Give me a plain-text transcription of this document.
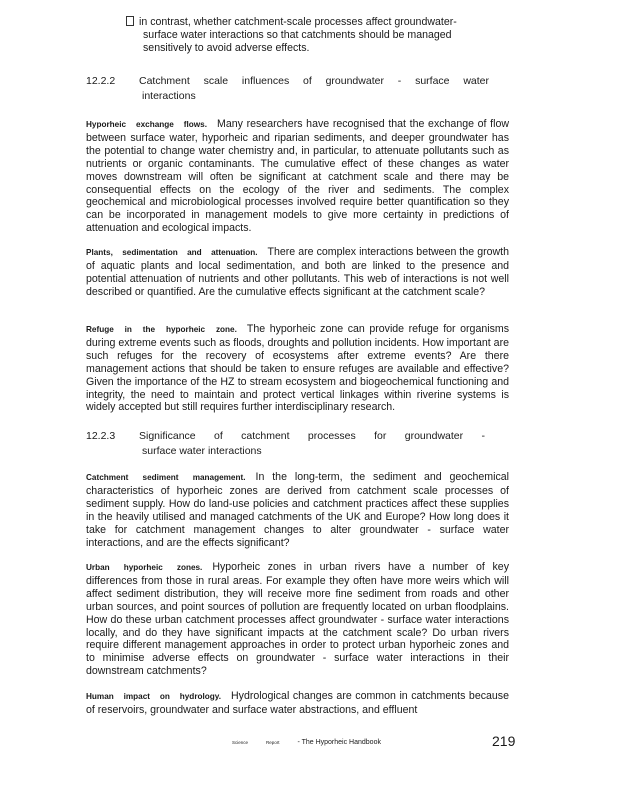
in contrast, whether catchment-scale processes affect groundwater-
surface water interactions so that catchments should be managed
sensitively to avoid adverse effects.
12.2.2 Catchment scale influences of groundwater - surface water
interactions
Hyporheic exchange flows. Many researchers have recognised that the exchange of flow between surface water, hyporheic and riparian sediments, and deeper groundwater has the potential to change water chemistry and, in particular, to attenuate pollutants such as nutrients or organic contaminants. The cumulative effect of these changes as water moves downstream will often be significant at catchment scale and there may be consequential effects on the ecology of the river and sediments. The complex geochemical and microbiological processes involved require better quantification so they can be incorporated in management models to give more certainty in predictions of attenuation and ecological impacts.
Plants, sedimentation and attenuation. There are complex interactions between the growth of aquatic plants and local sedimentation, and both are linked to the presence and potential attenuation of nutrients and other pollutants. This web of interactions is not well described or quantified. Are the cumulative effects significant at the catchment scale?
Refuge in the hyporheic zone. The hyporheic zone can provide refuge for organisms during extreme events such as floods, droughts and pollution incidents. How important are such refuges for the recovery of ecosystems after extreme events? Are there management actions that should be taken to ensure refuges are available and effective? Given the importance of the HZ to stream ecosystem and biogeochemical functioning and integrity, the need to maintain and protect vertical linkages within riverine systems is widely accepted but still requires further interdisciplinary research.
12.2.3 Significance of catchment processes for groundwater -
surface water interactions
Catchment sediment management. In the long-term, the sediment and geochemical characteristics of hyporheic zones are derived from catchment scale processes of sediment supply. How do land-use policies and catchment practices affect these supplies in the heavily utilised and managed catchments of the UK and Europe? How long does it take for catchment management changes to alter groundwater - surface water interactions, and are the effects significant?
Urban hyporheic zones. Hyporheic zones in urban rivers have a number of key differences from those in rural areas. For example they often have more weirs which will affect sediment distribution, they will receive more fine sediment from roads and other urban sources, and point sources of pollution are frequently located on urban floodplains. How do these urban catchment processes affect groundwater - surface water interactions locally, and do they have significant impacts at the catchment scale? Do urban rivers require different management approaches in order to protect urban hyporheic zones and to minimise adverse effects on groundwater - surface water interactions in their downstream catchments?
Human impact on hydrology. Hydrological changes are common in catchments because of reservoirs, groundwater and surface water abstractions, and effluent
Science	Report	- The Hyporheic Handbook	219
